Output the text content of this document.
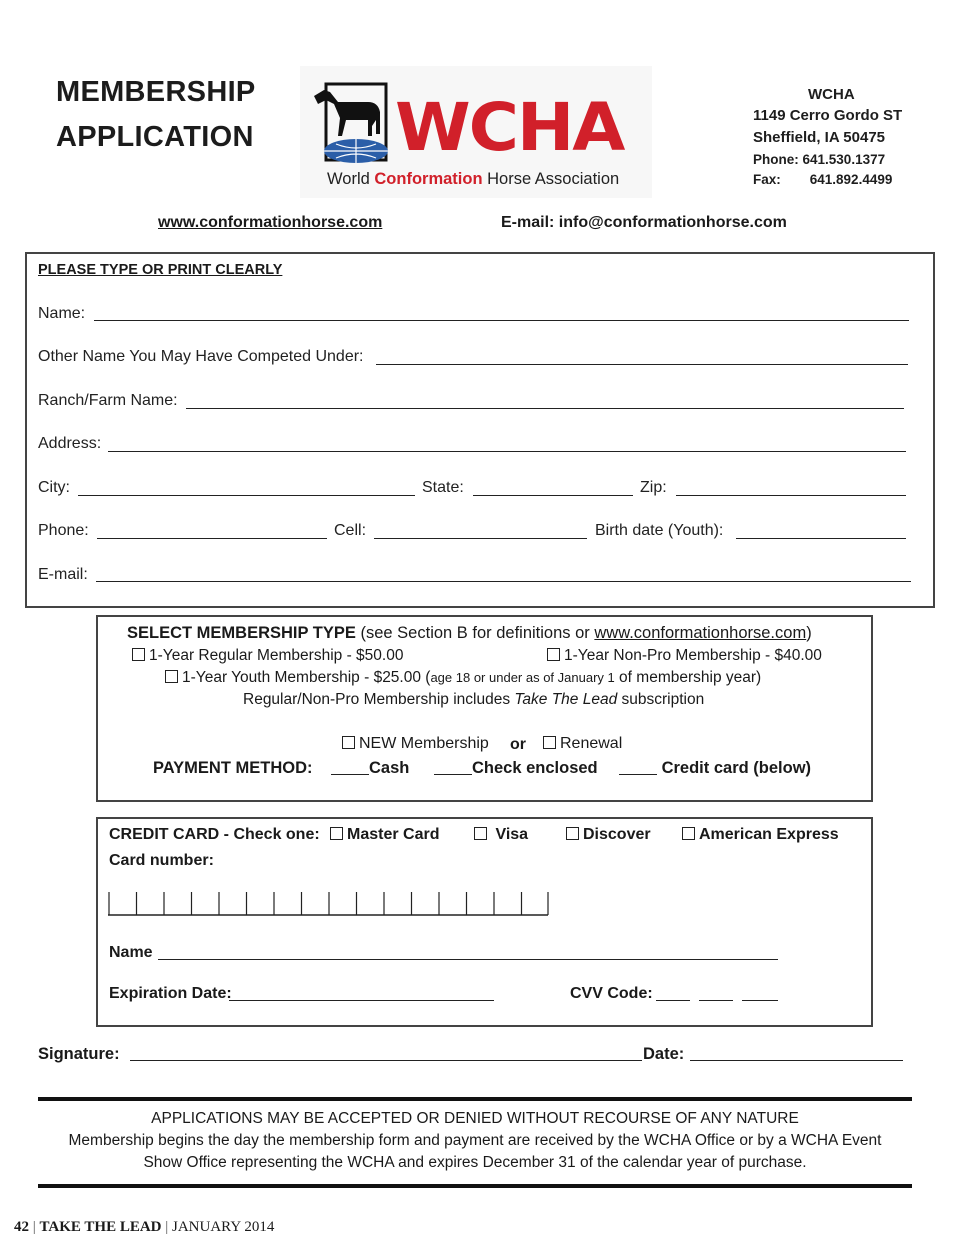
MEMBERSHIP
APPLICATION WCHA
World Conformation Horse Association
WCHA
1149 Cerro Gordo ST
Sheffield, IA 50475
Phone: 641.530.1377
Fax: 641.892.4499
www.conformationhorse.com	E-mail: info@conformationhorse.com
PLEASE TYPE OR PRINT CLEARLY
Name:
Other Name You May Have Competed Under:
Ranch/Farm Name:
Address:
City:	State:	Zip:
Phone:	Cell:	Birth date (Youth):
E-mail:
SELECT MEMBERSHIP TYPE (see Section B for definitions or www.conformationhorse.com)
1-Year Regular Membership - $50.00	1-Year Non-Pro Membership - $40.00
1-Year Youth Membership - $25.00 (age 18 or under as of January 1 of membership year)
Regular/Non-Pro Membership includes Take The Lead subscription
NEW Membership or	Renewal
PAYMENT METHOD:	Cash	Check enclosed	Credit card (below)
CREDIT CARD - Check one:	Master Card	Visa	Discover	American Express
Card number:
Name
Expiration Date:	CVV Code:
Signature:	Date:
APPLICATIONS MAY BE ACCEPTED OR DENIED WITHOUT RECOURSE OF ANY NATURE
Membership begins the day the membership form and payment are received by the WCHA Office or by a WCHA Event
Show Office representing the WCHA and expires December 31 of the calendar year of purchase.
42 | TAKE THE LEAD | JANUARY 2014
